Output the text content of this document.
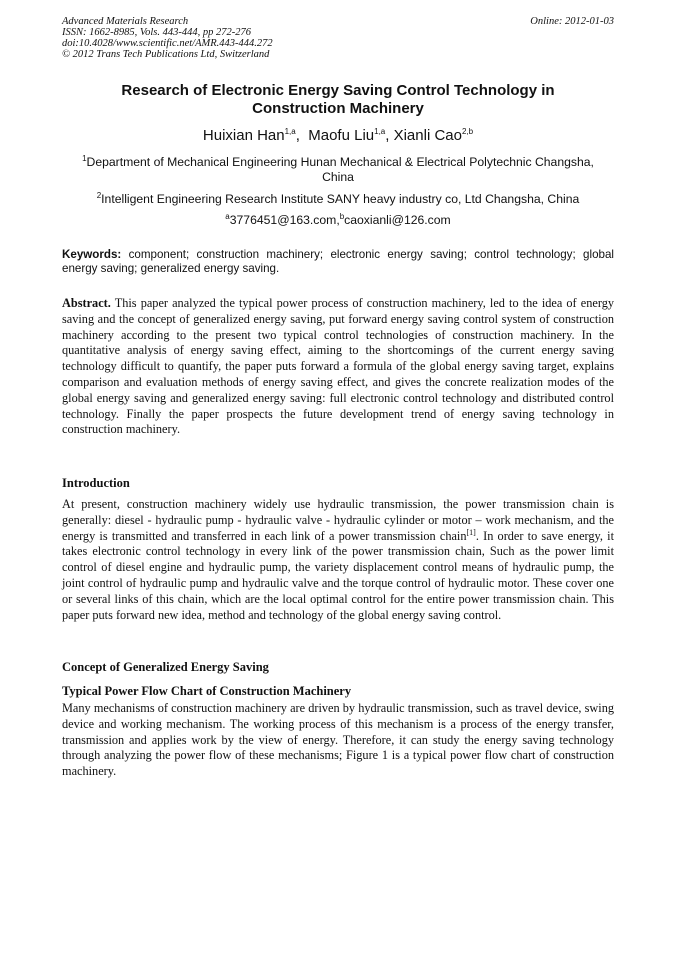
Advanced Materials Research
ISSN: 1662-8985, Vols. 443-444, pp 272-276
doi:10.4028/www.scientific.net/AMR.443-444.272
© 2012 Trans Tech Publications Ltd, Switzerland
Online: 2012-01-03
Research of Electronic Energy Saving Control Technology in
Construction Machinery
Huixian Han$^{1,a}$,  Maofu Liu$^{1,a}$, Xianli Cao$^{2,b}$
$^1$Department of Mechanical Engineering Hunan Mechanical & Electrical Polytechnic Changsha,
China
$^2$Intelligent Engineering Research Institute SANY heavy industry co, Ltd Changsha, China
$^a$3776451@163.com,$^b$caoxianli@126.com
Keywords: component; construction machinery; electronic energy saving; control technology; global energy saving; generalized energy saving.

Abstract. This paper analyzed the typical power process of construction machinery, led to the idea of energy saving and the concept of generalized energy saving, put forward energy saving control system of construction machinery according to the present two typical control technologies of construction machinery. In the quantitative analysis of energy saving effect, aiming to the shortcomings of the current energy saving technology difficult to quantify, the paper puts forward a formula of the global energy saving target, explains comparison and evaluation methods of energy saving effect, and gives the concrete realization modes of the global energy saving and generalized energy saving: full electronic control technology and distributed control technology. Finally the paper prospects the future development trend of energy saving technology in construction machinery.

Introduction

At present, construction machinery widely use hydraulic transmission, the power transmission chain is generally: diesel - hydraulic pump - hydraulic valve - hydraulic cylinder or motor – work mechanism, and the energy is transmitted and transferred in each link of a power transmission chain[1]. In order to save energy, it takes electronic control technology in every link of the power transmission chain, Such as the power limit control of diesel engine and hydraulic pump, the variety displacement control means of hydraulic pump, the joint control of hydraulic pump and hydraulic valve and the torque control of hydraulic motor. These cover one or several links of this chain, which are the local optimal control for the entire power transmission chain. This paper puts forward new idea, method and technology of the global energy saving control.

Concept of Generalized Energy Saving
Typical Power Flow Chart of Construction Machinery

Many mechanisms of construction machinery are driven by hydraulic transmission, such as travel device, swing device and working mechanism. The working process of this mechanism is a process of the energy transfer, transmission and applies work by the view of energy. Therefore, it can study the energy saving technology through analyzing the power flow of these mechanisms; Figure 1 is a typical power flow chart of construction machinery.
